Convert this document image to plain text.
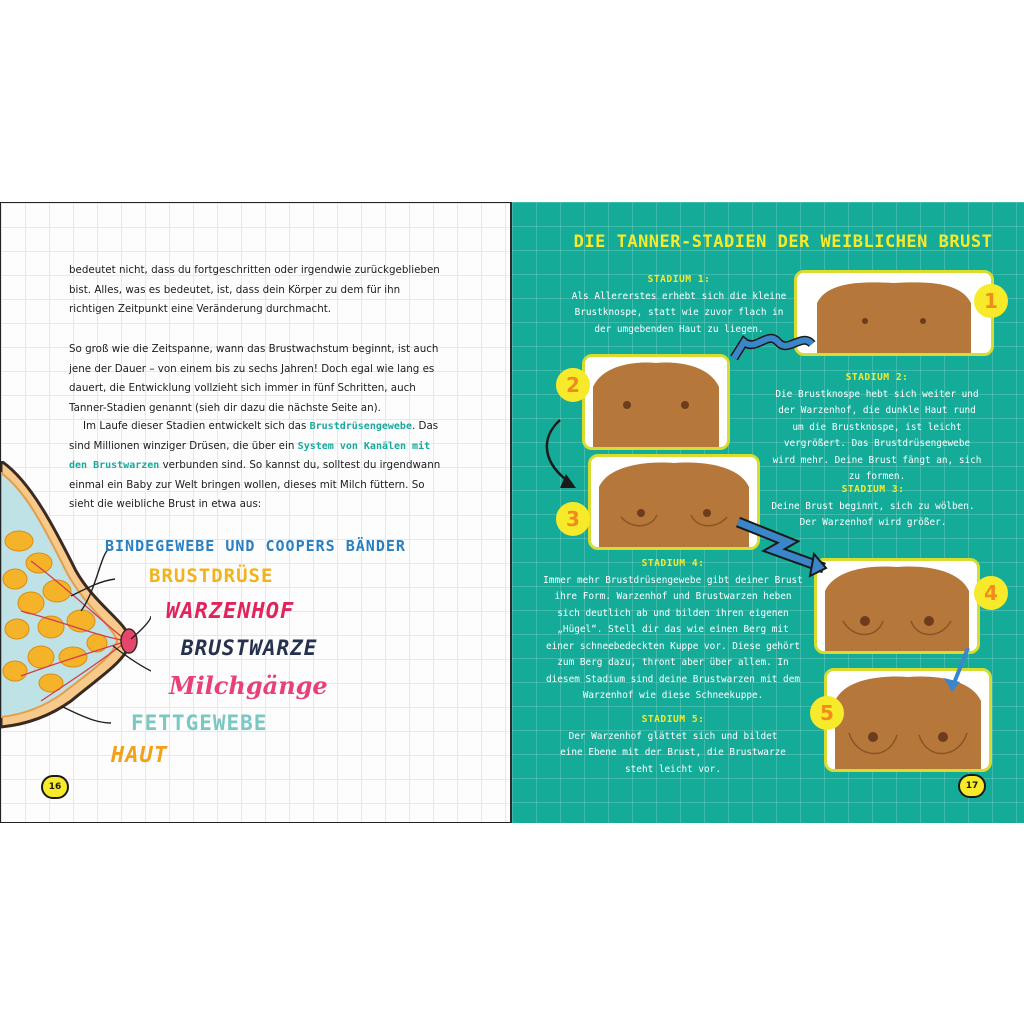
bedeutet nicht, dass du fortgeschritten oder irgendwie zurückgeblieben bist. Alles, was es bedeutet, ist, dass dein Körper zu dem für ihn richtigen Zeitpunkt eine Veränderung durchmacht.

So groß wie die Zeitspanne, wann das Brustwachstum beginnt, ist auch jene der Dauer – von einem bis zu sechs Jahren! Doch egal wie lang es dauert, die Entwicklung vollzieht sich immer in fünf Schritten, auch Tanner-Stadien genannt (sieh dir dazu die nächste Seite an).

Im Laufe dieser Stadien entwickelt sich das Brustdrüsengewebe. Das sind Millionen winziger Drüsen, die über ein System von Kanälen mit den Brustwarzen verbunden sind. So kannst du, solltest du irgendwann einmal ein Baby zur Welt bringen wollen, dieses mit Milch füttern. So sieht die weibliche Brust in etwa aus:

BINDEGEWEBE UND COOPERS BÄNDER
BRUSTDRÜSE
WARZENHOF
BRUSTWARZE
Milchgänge
FETTGEWEBE
HAUT
16
DIE TANNER-STADIEN DER WEIBLICHEN BRUST
STADIUM 1:
Als Allererstes erhebt sich die kleine Brustknospe, statt wie zuvor flach in der umgebenden Haut zu liegen.
STADIUM 2:
Die Brustknospe hebt sich weiter und der Warzenhof, die dunkle Haut rund um die Brustknospe, ist leicht vergrößert. Das Brustdrüsengewebe wird mehr. Deine Brust fängt an, sich zu formen.
STADIUM 3:
Deine Brust beginnt, sich zu wölben. Der Warzenhof wird größer.
STADIUM 4:
Immer mehr Brustdrüsengewebe gibt deiner Brust ihre Form. Warzenhof und Brustwarzen heben sich deutlich ab und bilden ihren eigenen „Hügel“. Stell dir das wie einen Berg mit einer schneebedeckten Kuppe vor. Diese gehört zum Berg dazu, thront aber über allem. In diesem Stadium sind deine Brustwarzen mit dem Warzenhof wie diese Schneekuppe.
STADIUM 5:
Der Warzenhof glättet sich und bildet eine Ebene mit der Brust, die Brustwarze steht leicht vor.
1
2
3
4
5
17
